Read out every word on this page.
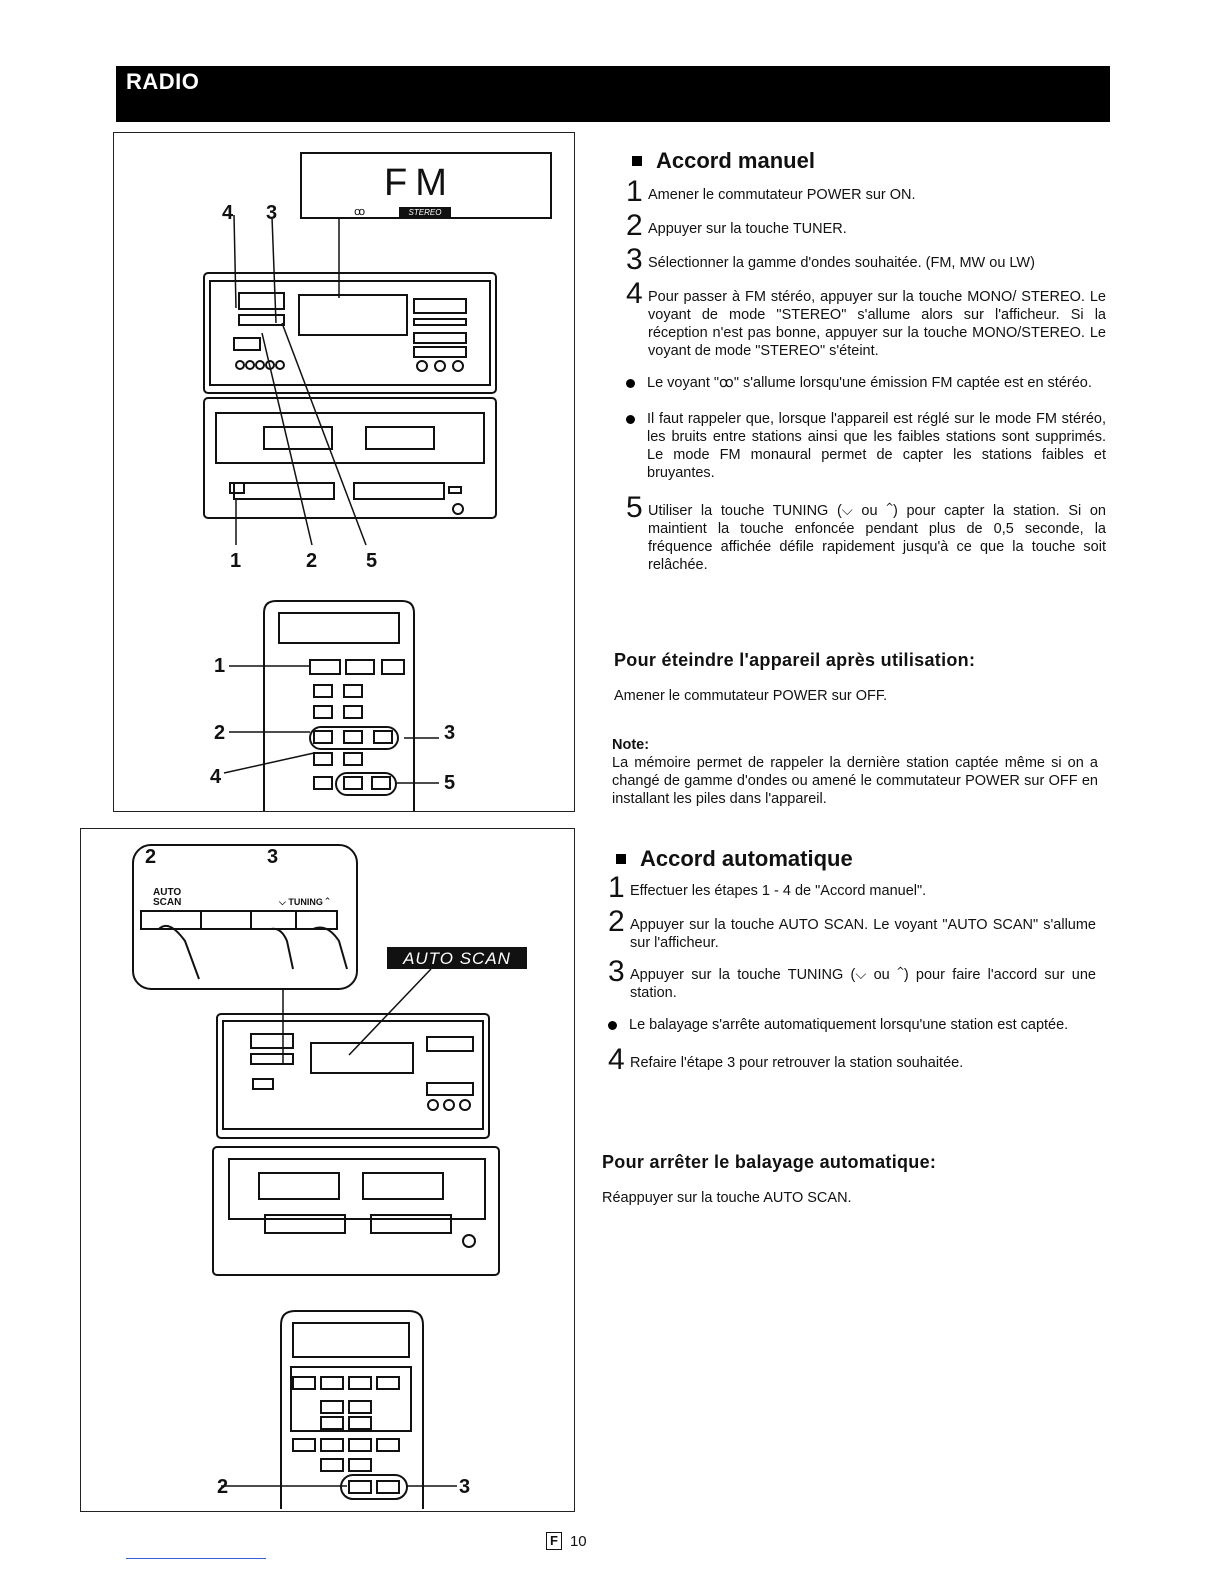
RADIO
STEREO
FM
ꝏ
4 3
1	2 5
1
2	3
4	5
AUTO SCAN
AUTO SCAN	⌵ TUNING ⌃
2	3
2	3
Accord manuel
1 Amener le commutateur POWER sur ON.
2 Appuyer sur la touche TUNER.
3 Sélectionner la gamme d'ondes souhaitée. (FM, MW ou LW)
4 Pour passer à FM stéréo, appuyer sur la touche MONO/ STEREO. Le voyant de mode "STEREO" s'allume alors sur l'afficheur. Si la réception n'est pas bonne, appuyer sur la touche MONO/STEREO. Le voyant de mode "STEREO" s'éteint.
Le voyant "ꝏ" s'allume lorsqu'une émission FM captée est en stéréo.
Il faut rappeler que, lorsque l'appareil est réglé sur le mode FM stéréo, les bruits entre stations ainsi que les faibles stations sont supprimés. Le mode FM monaural permet de capter les stations faibles et bruyantes.
5 Utiliser la touche TUNING (⌵ ou ⌃) pour capter la station. Si on maintient la touche enfoncée pendant plus de 0,5 seconde, la fréquence affichée défile rapidement jusqu'à ce que la touche soit relâchée.
Pour éteindre l'appareil après utilisation:
Amener le commutateur POWER sur OFF.
Note:
La mémoire permet de rappeler la dernière station captée même si on a changé de gamme d'ondes ou amené le commutateur POWER sur OFF en installant les piles dans l'appareil.
Accord automatique
1 Effectuer les étapes 1 - 4 de "Accord manuel".
2 Appuyer sur la touche AUTO SCAN. Le voyant "AUTO SCAN" s'allume sur l'afficheur.
3 Appuyer sur la touche TUNING (⌵ ou ⌃) pour faire l'accord sur une station.
Le balayage s'arrête automatiquement lorsqu'une station est captée.
4 Refaire l'étape 3 pour retrouver la station souhaitée.
Pour arrêter le balayage automatique:
Réappuyer sur la touche AUTO SCAN.
F 10
